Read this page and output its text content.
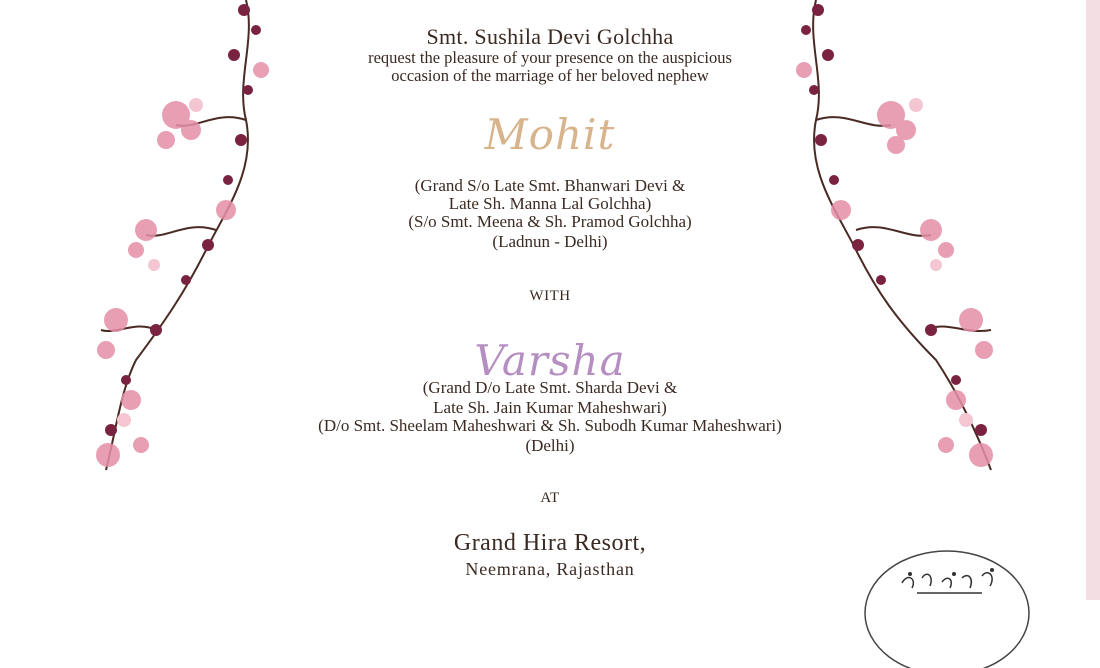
Smt. Sushila Devi Golchha
request the pleasure of your presence on the auspicious
occasion of the marriage of her beloved nephew
Mohit
(Grand S/o Late Smt. Bhanwari Devi &
Late Sh. Manna Lal Golchha)
(S/o Smt. Meena & Sh. Pramod Golchha)
(Ladnun - Delhi)
WITH
Varsha
(Grand D/o Late Smt. Sharda Devi &
Late Sh. Jain Kumar Maheshwari)
(D/o Smt. Sheelam Maheshwari & Sh. Subodh Kumar Maheshwari)
(Delhi)
AT
Grand Hira Resort,
Neemrana, Rajasthan
